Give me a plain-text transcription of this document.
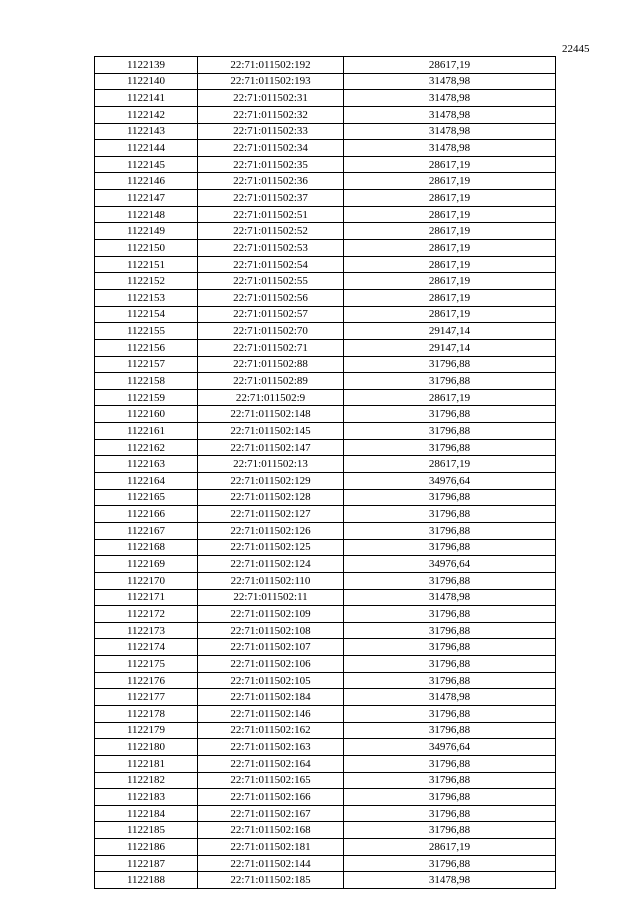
22445
1122139	22:71:011502:192	28617,19
1122140	22:71:011502:193	31478,98
1122141	22:71:011502:31	31478,98
1122142	22:71:011502:32	31478,98
1122143	22:71:011502:33	31478,98
1122144	22:71:011502:34	31478,98
1122145	22:71:011502:35	28617,19
1122146	22:71:011502:36	28617,19
1122147	22:71:011502:37	28617,19
1122148	22:71:011502:51	28617,19
1122149	22:71:011502:52	28617,19
1122150	22:71:011502:53	28617,19
1122151	22:71:011502:54	28617,19
1122152	22:71:011502:55	28617,19
1122153	22:71:011502:56	28617,19
1122154	22:71:011502:57	28617,19
1122155	22:71:011502:70	29147,14
1122156	22:71:011502:71	29147,14
1122157	22:71:011502:88	31796,88
1122158	22:71:011502:89	31796,88
1122159	22:71:011502:9	28617,19
1122160	22:71:011502:148	31796,88
1122161	22:71:011502:145	31796,88
1122162	22:71:011502:147	31796,88
1122163	22:71:011502:13	28617,19
1122164	22:71:011502:129	34976,64
1122165	22:71:011502:128	31796,88
1122166	22:71:011502:127	31796,88
1122167	22:71:011502:126	31796,88
1122168	22:71:011502:125	31796,88
1122169	22:71:011502:124	34976,64
1122170	22:71:011502:110	31796,88
1122171	22:71:011502:11	31478,98
1122172	22:71:011502:109	31796,88
1122173	22:71:011502:108	31796,88
1122174	22:71:011502:107	31796,88
1122175	22:71:011502:106	31796,88
1122176	22:71:011502:105	31796,88
1122177	22:71:011502:184	31478,98
1122178	22:71:011502:146	31796,88
1122179	22:71:011502:162	31796,88
1122180	22:71:011502:163	34976,64
1122181	22:71:011502:164	31796,88
1122182	22:71:011502:165	31796,88
1122183	22:71:011502:166	31796,88
1122184	22:71:011502:167	31796,88
1122185	22:71:011502:168	31796,88
1122186	22:71:011502:181	28617,19
1122187	22:71:011502:144	31796,88
1122188	22:71:011502:185	31478,98
